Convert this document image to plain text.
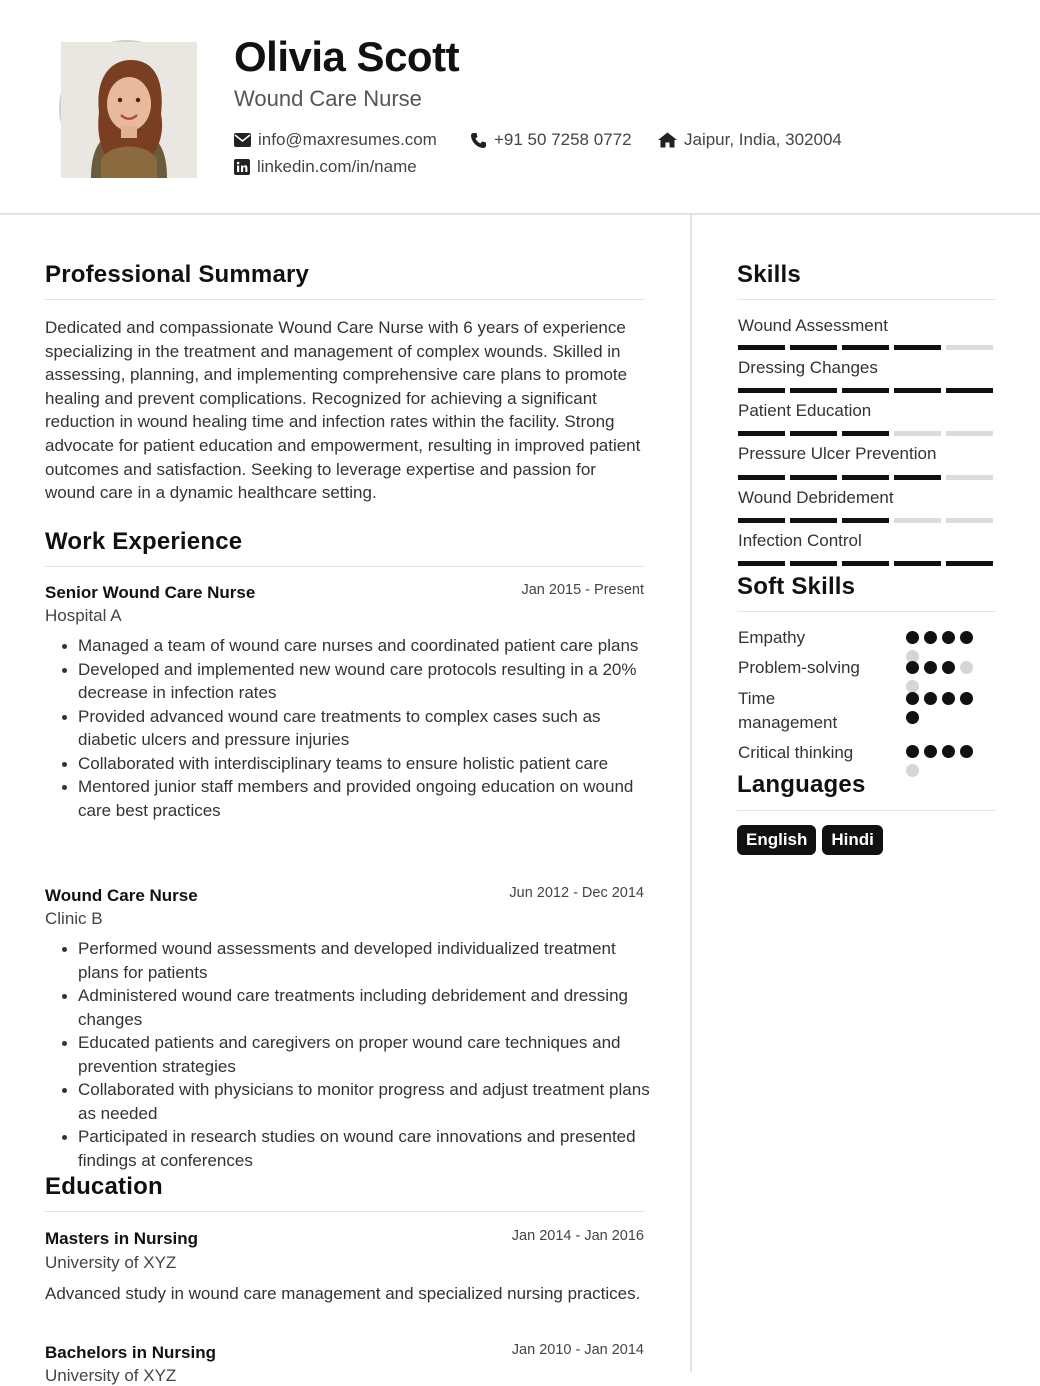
Olivia Scott
Wound Care Nurse
info@maxresumes.com	+91 50 7258 0772	Jaipur, India, 302004
linkedin.com/in/name
Professional Summary
Dedicated and compassionate Wound Care Nurse with 6 years of experience specializing in the treatment and management of complex wounds. Skilled in assessing, planning, and implementing comprehensive care plans to promote healing and prevent complications. Recognized for achieving a significant reduction in wound healing time and infection rates within the facility. Strong advocate for patient education and empowerment, resulting in improved patient outcomes and satisfaction. Seeking to leverage expertise and passion for wound care in a dynamic healthcare setting.
Work Experience
Senior Wound Care Nurse	Jan 2015 - Present
Hospital A
Managed a team of wound care nurses and coordinated patient care plans
Developed and implemented new wound care protocols resulting in a 20% decrease in infection rates
Provided advanced wound care treatments to complex cases such as diabetic ulcers and pressure injuries
Collaborated with interdisciplinary teams to ensure holistic patient care
Mentored junior staff members and provided ongoing education on wound care best practices
Wound Care Nurse	Jun 2012 - Dec 2014
Clinic B
Performed wound assessments and developed individualized treatment plans for patients
Administered wound care treatments including debridement and dressing changes
Educated patients and caregivers on proper wound care techniques and prevention strategies
Collaborated with physicians to monitor progress and adjust treatment plans as needed
Participated in research studies on wound care innovations and presented findings at conferences
Education
Masters in Nursing	Jan 2014 - Jan 2016
University of XYZ
Advanced study in wound care management and specialized nursing practices.
Bachelors in Nursing	Jan 2010 - Jan 2014
University of XYZ
Skills
Wound Assessment
Dressing Changes
Patient Education
Pressure Ulcer Prevention
Wound Debridement
Infection Control
Soft Skills
Empathy
Problem-solving
Time management
Critical thinking
Languages
English	Hindi
